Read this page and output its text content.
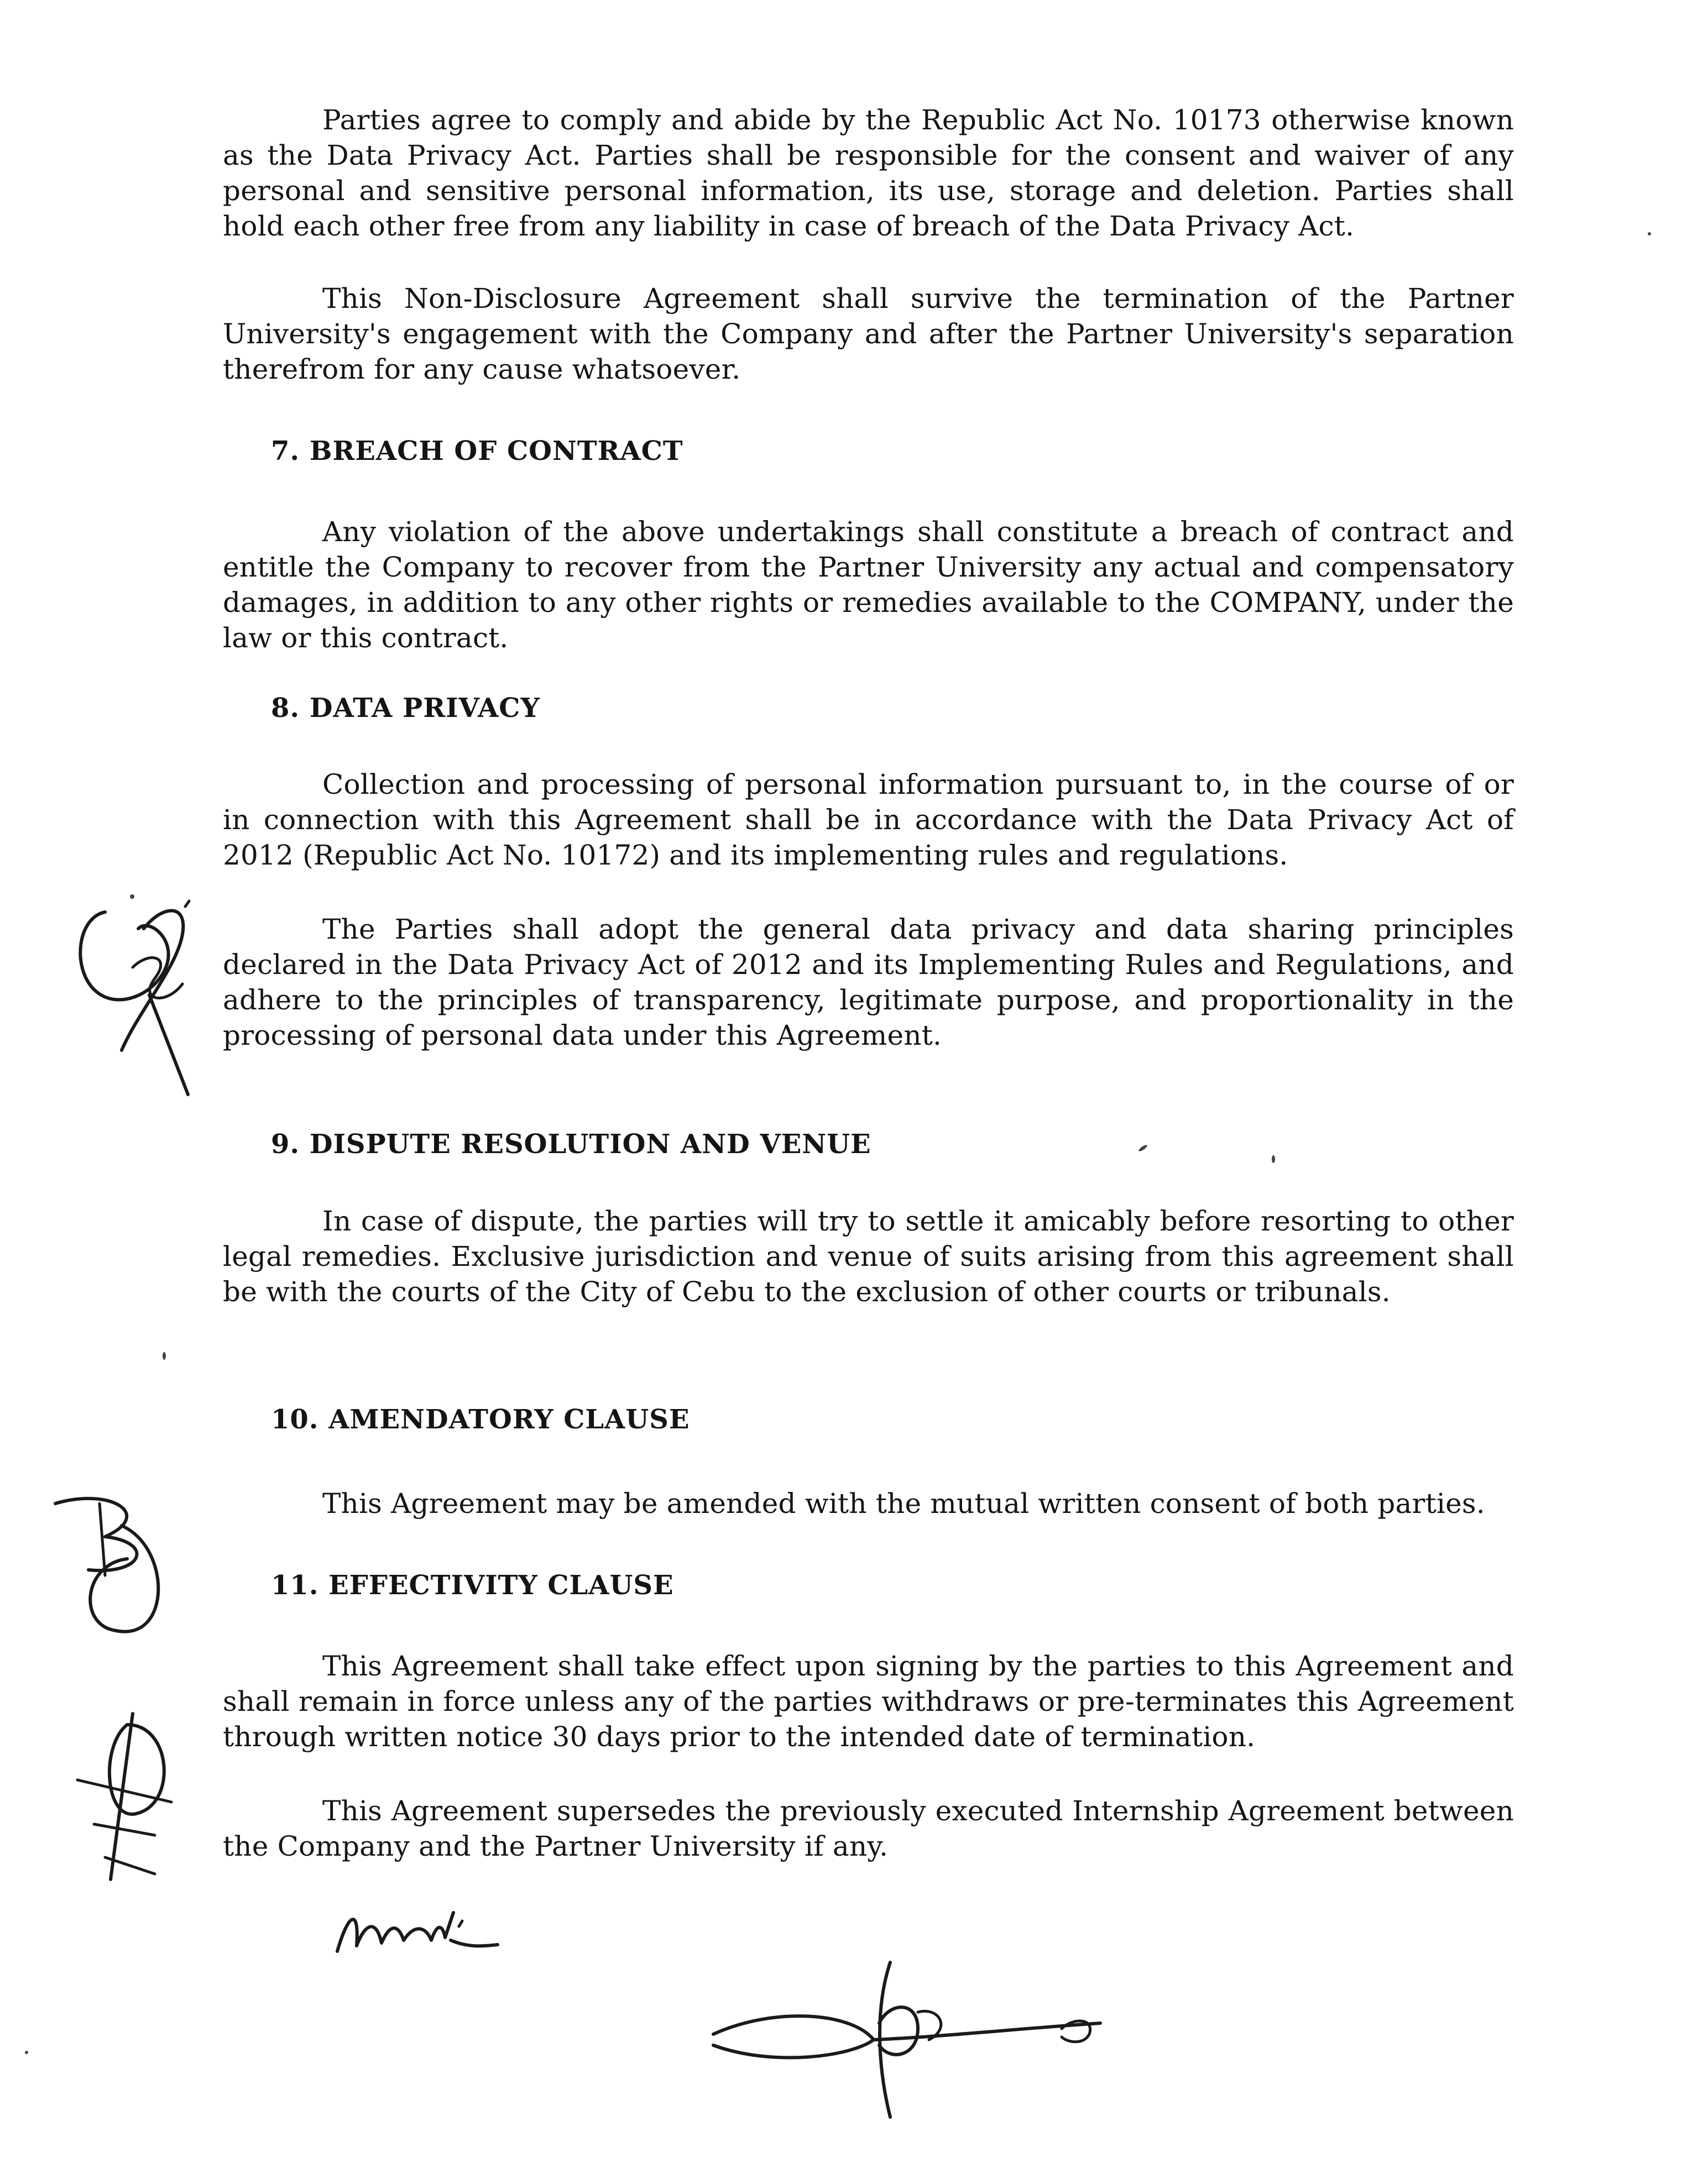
Parties agree to comply and abide by the Republic Act No. 10173 otherwise known as the Data Privacy Act. Parties shall be responsible for the consent and waiver of any personal and sensitive personal information, its use, storage and deletion. Parties shall hold each other free from any liability in case of breach of the Data Privacy Act.

This Non-Disclosure Agreement shall survive the termination of the Partner University's engagement with the Company and after the Partner University's separation therefrom for any cause whatsoever.

7. BREACH OF CONTRACT

Any violation of the above undertakings shall constitute a breach of contract and entitle the Company to recover from the Partner University any actual and compensatory damages, in addition to any other rights or remedies available to the COMPANY, under the law or this contract.

8. DATA PRIVACY

Collection and processing of personal information pursuant to, in the course of or in connection with this Agreement shall be in accordance with the Data Privacy Act of 2012 (Republic Act No. 10172) and its implementing rules and regulations.

The Parties shall adopt the general data privacy and data sharing principles declared in the Data Privacy Act of 2012 and its Implementing Rules and Regulations, and adhere to the principles of transparency, legitimate purpose, and proportionality in the processing of personal data under this Agreement.

9. DISPUTE RESOLUTION AND VENUE

In case of dispute, the parties will try to settle it amicably before resorting to other legal remedies. Exclusive jurisdiction and venue of suits arising from this agreement shall be with the courts of the City of Cebu to the exclusion of other courts or tribunals.

10. AMENDATORY CLAUSE

This Agreement may be amended with the mutual written consent of both parties.

11. EFFECTIVITY CLAUSE

This Agreement shall take effect upon signing by the parties to this Agreement and shall remain in force unless any of the parties withdraws or pre-terminates this Agreement through written notice 30 days prior to the intended date of termination.

This Agreement supersedes the previously executed Internship Agreement between the Company and the Partner University if any.
